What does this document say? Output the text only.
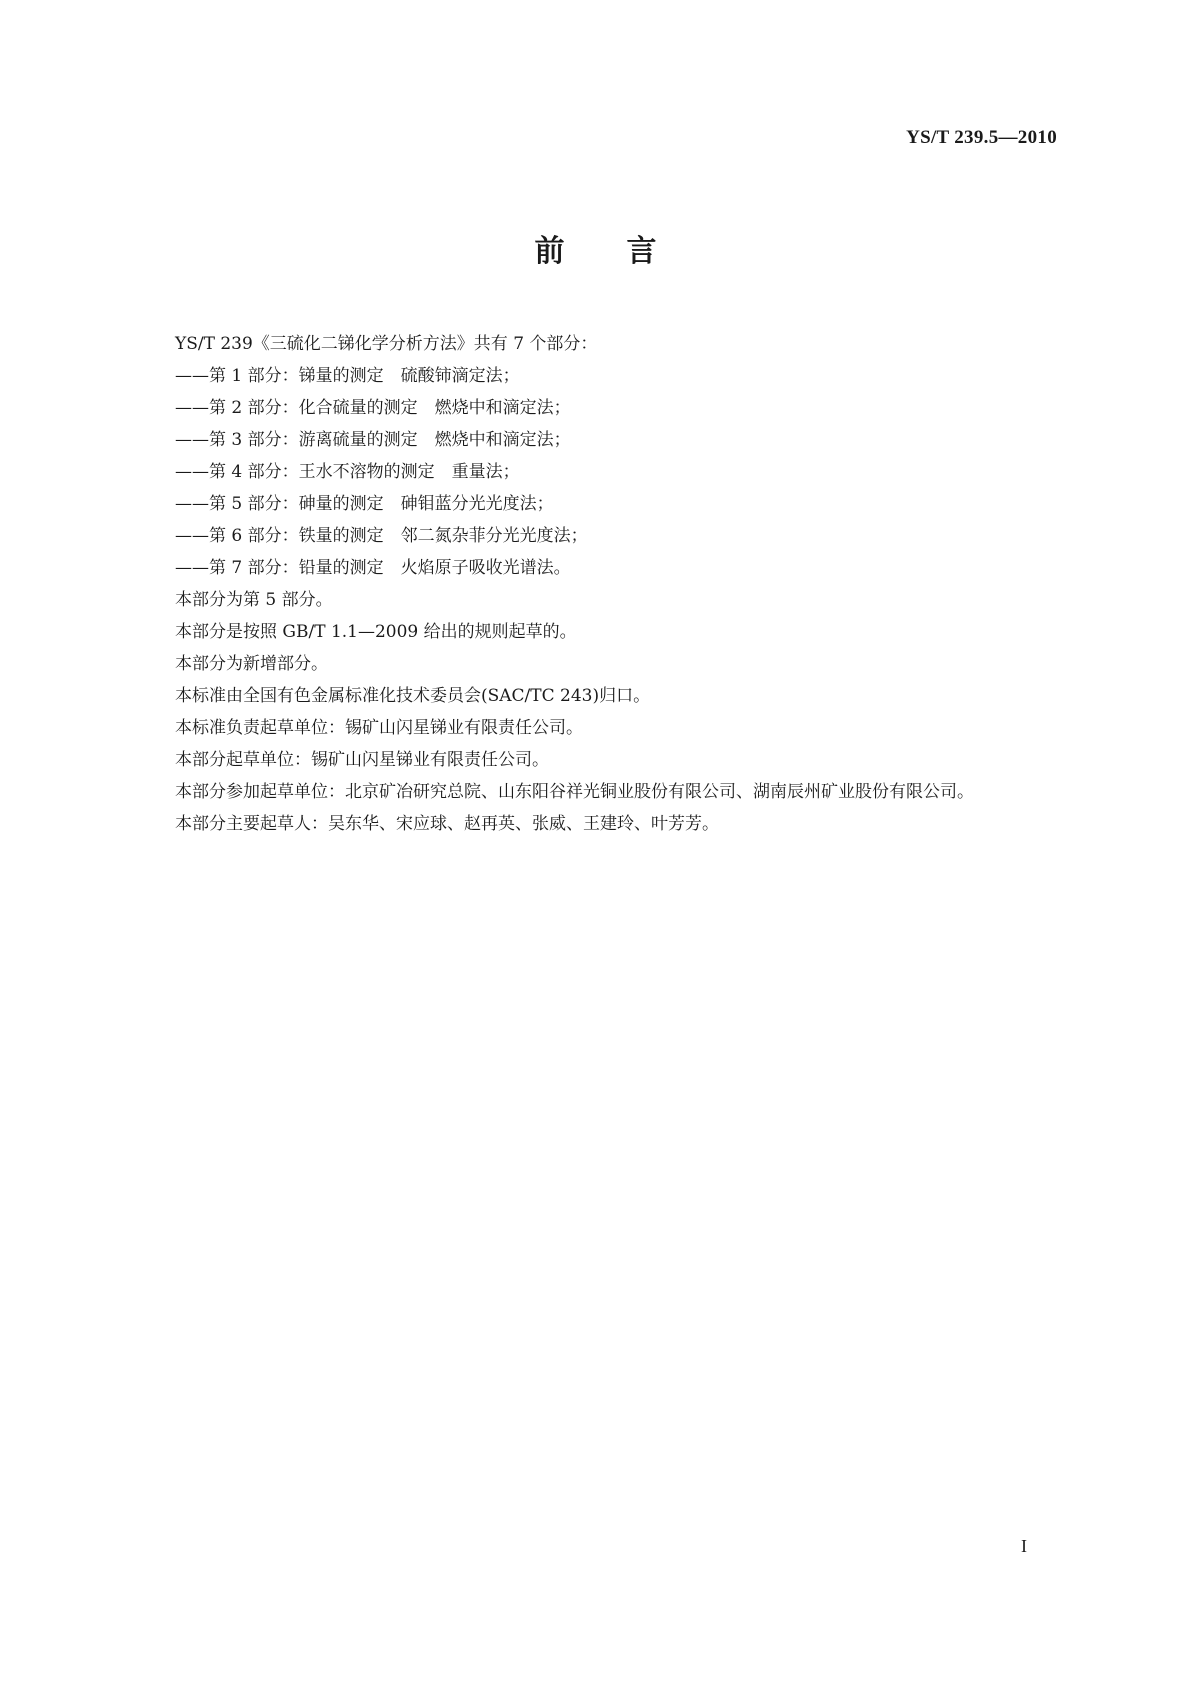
YS/T 239.5—2010
前言

YS/T 239《三硫化二锑化学分析方法》共有 7 个部分：

——第 1 部分：锑量的测定　硫酸铈滴定法；

——第 2 部分：化合硫量的测定　燃烧中和滴定法；

——第 3 部分：游离硫量的测定　燃烧中和滴定法；

——第 4 部分：王水不溶物的测定　重量法；

——第 5 部分：砷量的测定　砷钼蓝分光光度法；

——第 6 部分：铁量的测定　邻二氮杂菲分光光度法；

——第 7 部分：铅量的测定　火焰原子吸收光谱法。

本部分为第 5 部分。

本部分是按照 GB/T 1.1—2009 给出的规则起草的。

本部分为新增部分。

本标准由全国有色金属标准化技术委员会(SAC/TC 243)归口。

本标准负责起草单位：锡矿山闪星锑业有限责任公司。

本部分起草单位：锡矿山闪星锑业有限责任公司。

本部分参加起草单位：北京矿冶研究总院、山东阳谷祥光铜业股份有限公司、湖南辰州矿业股份有限公司。

本部分主要起草人：吴东华、宋应球、赵再英、张威、王建玲、叶芳芳。

I
